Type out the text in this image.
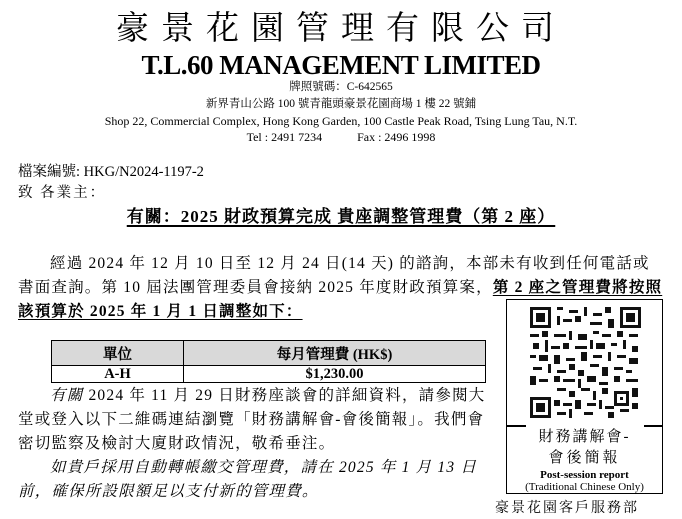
豪景花園管理有限公司
T.L.60 MANAGEMENT LIMITED
牌照號碼：C-642565
新界青山公路 100 號青龍頭豪景花園商場 1 樓 22 號鋪
Shop 22, Commercial Complex, Hong Kong Garden, 100 Castle Peak Road, Tsing Lung Tau, N.T.
Tel : 2491 7234	Fax : 2496 1998
檔案編號: HKG/N2024-1197-2
致 各業主：
有關：2025 財政預算完成 貴座調整管理費（第 2 座）
經過 2024 年 12 月 10 日至 12 月 24 日(14 天) 的諮詢，本部未有收到任何電話或書面查詢。第 10 屆法團管理委員會接納 2025 年度財政預算案，第 2 座之管理費將按照該預算於 2025 年 1 月 1 日調整如下：
單位	每月管理費 (HK$)
A-H	$1,230.00
有關 2024 年 11 月 29 日財務座談會的詳細資料，請參閱大
堂或登入以下二維碼連結瀏覽「財務講解會-會後簡報」。我們會
密切監察及檢討大廈財政情況，敬希垂注。
如貴戶採用自動轉帳繳交管理費，請在 2025 年 1 月 13 日
前，確保所設限額足以支付新的管理費。
財務講解會-
會後簡報
Post-session report
(Traditional Chinese Only)
豪景花園客戶服務部
